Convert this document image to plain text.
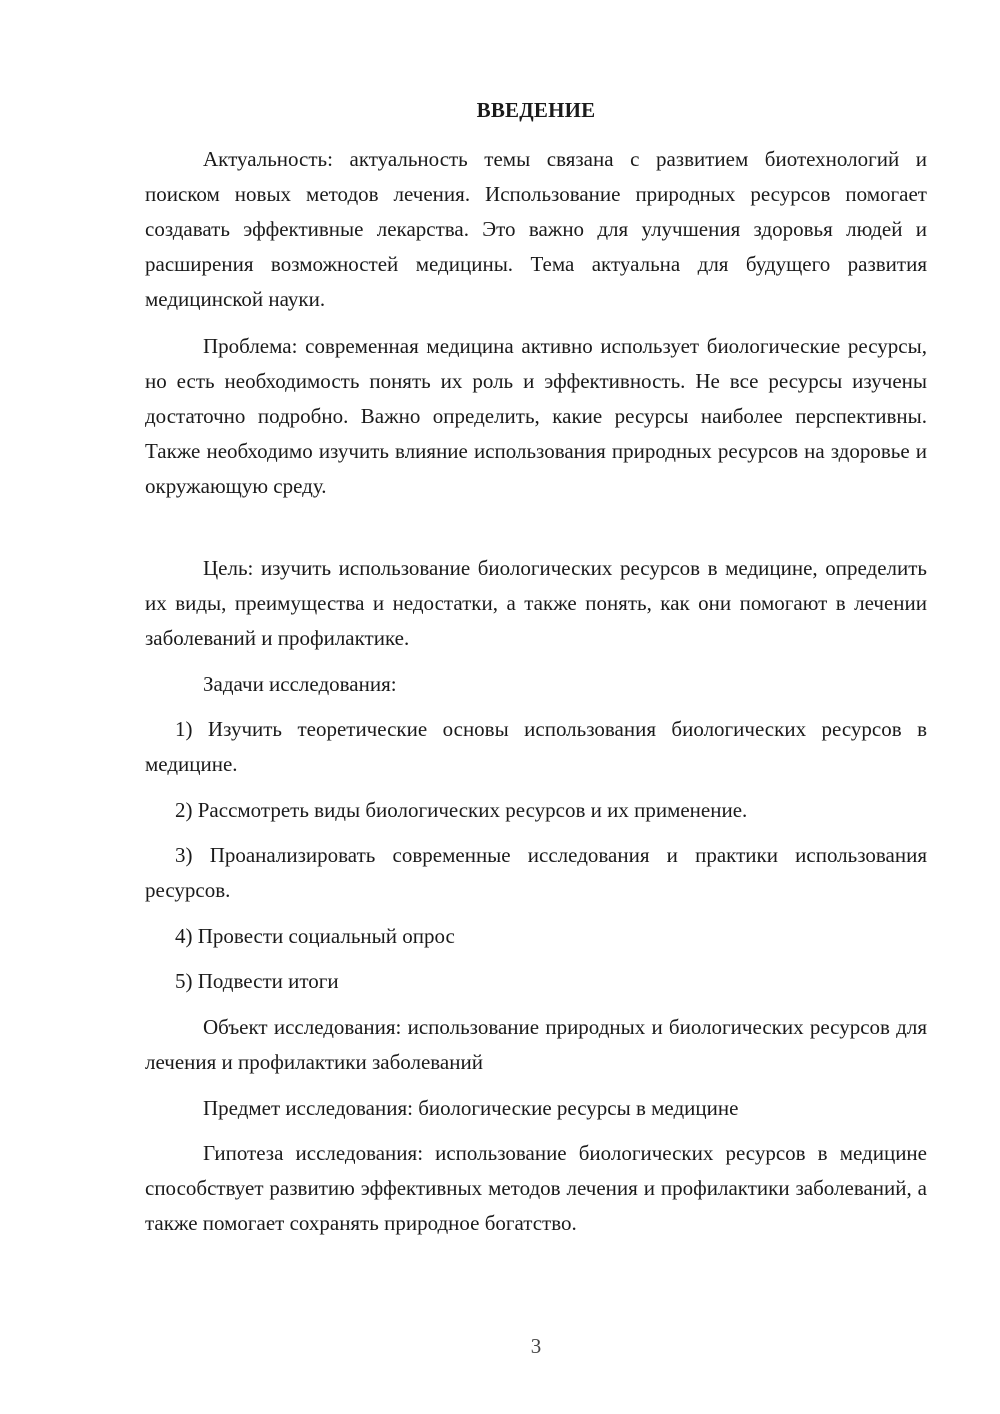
ВВЕДЕНИЕ

Актуальность: актуальность темы связана с развитием биотехнологий и поиском новых методов лечения. Использование природных ресурсов помогает создавать эффективные лекарства. Это важно для улучшения здоровья людей и расширения возможностей медицины. Тема актуальна для будущего развития медицинской науки.

Проблема: современная медицина активно использует биологические ресурсы, но есть необходимость понять их роль и эффективность. Не все ресурсы изучены достаточно подробно. Важно определить, какие ресурсы наиболее перспективны. Также необходимо изучить влияние использования природных ресурсов на здоровье и окружающую среду.

Цель: изучить использование биологических ресурсов в медицине, определить их виды, преимущества и недостатки, а также понять, как они помогают в лечении заболеваний и профилактике.

Задачи исследования:

1) Изучить теоретические основы использования биологических ресурсов в медицине.

2) Рассмотреть виды биологических ресурсов и их применение.

3) Проанализировать современные исследования и практики использования ресурсов.

4) Провести социальный опрос

5) Подвести итоги

Объект исследования: использование природных и биологических ресурсов для лечения и профилактики заболеваний

Предмет исследования: биологические ресурсы в медицине

Гипотеза исследования: использование биологических ресурсов в медицине способствует развитию эффективных методов лечения и профилактики заболеваний, а также помогает сохранять природное богатство.

3
